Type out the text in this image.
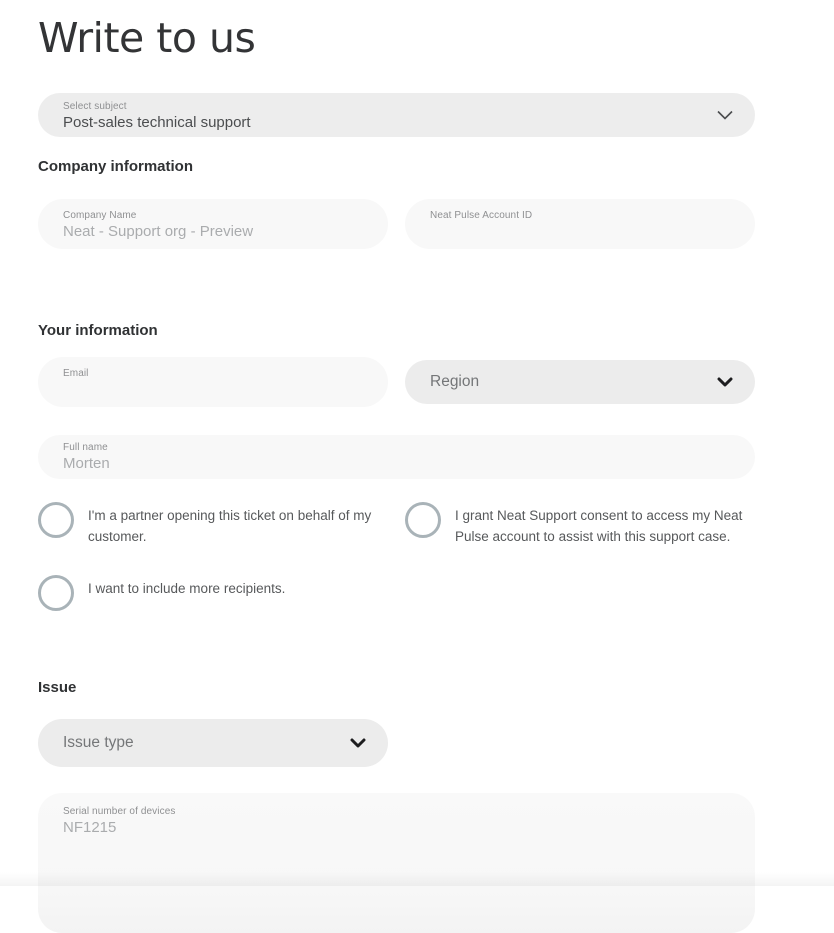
Write to us
Select subject
Post-sales technical support
Company information
Company Name
Neat - Support org - Preview
Neat Pulse Account ID
Your information
Email	Region
Full name
Morten
I'm a partner opening this ticket on behalf of my customer.
I want to include more recipients.
I grant Neat Support consent to access my Neat Pulse account to assist with this support case.
Issue
Issue type
Serial number of devices
NF1215
